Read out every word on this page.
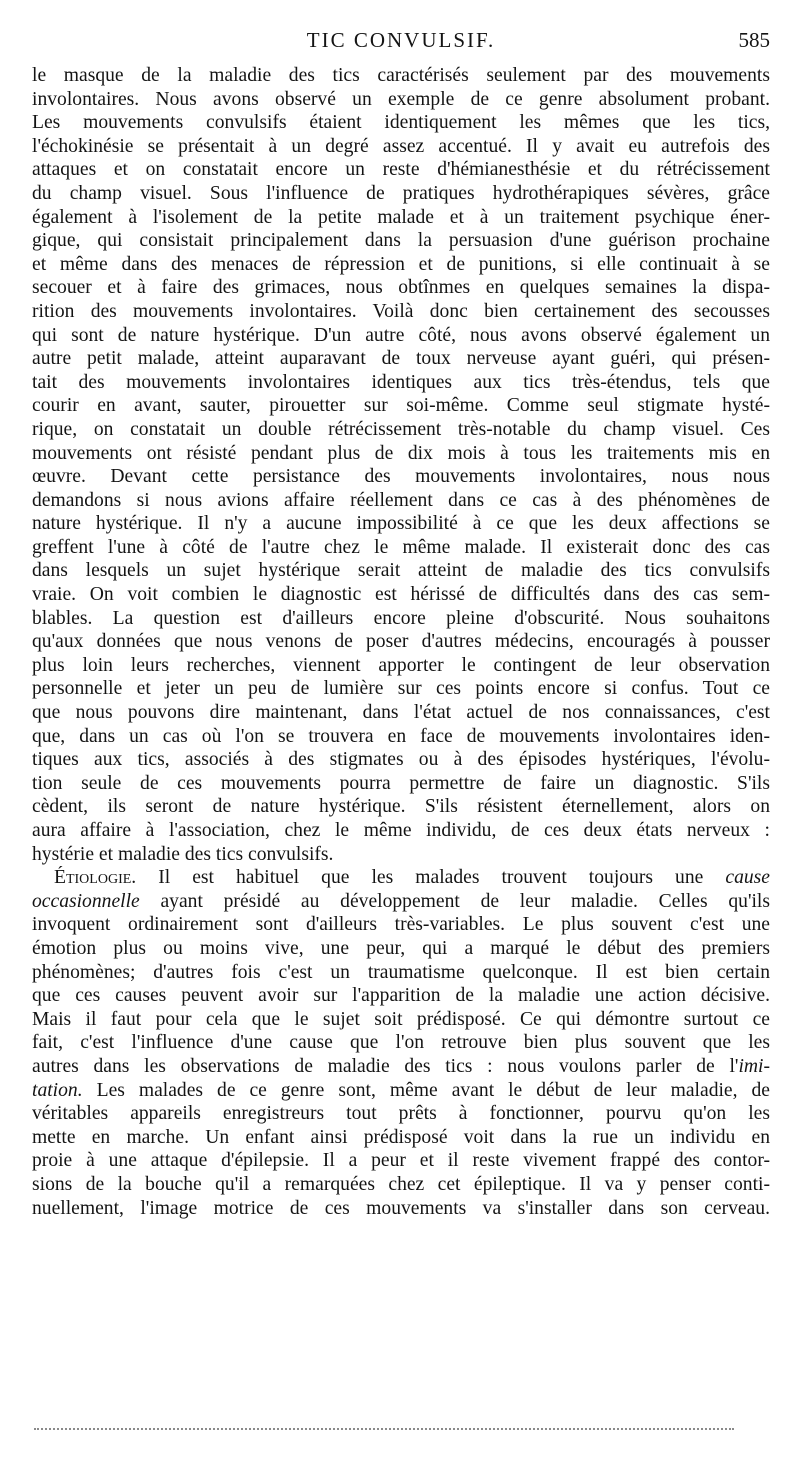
TIC CONVULSIF.	585
le masque de la maladie des tics caractérisés seulement par des mouvements
involontaires. Nous avons observé un exemple de ce genre absolument probant.
Les mouvements convulsifs étaient identiquement les mêmes que les tics,
l'échokinésie se présentait à un degré assez accentué. Il y avait eu autrefois des
attaques et on constatait encore un reste d'hémianesthésie et du rétrécissement
du champ visuel. Sous l'influence de pratiques hydrothérapiques sévères, grâce
également à l'isolement de la petite malade et à un traitement psychique éner-
gique, qui consistait principalement dans la persuasion d'une guérison prochaine
et même dans des menaces de répression et de punitions, si elle continuait à se
secouer et à faire des grimaces, nous obtînmes en quelques semaines la dispa-
rition des mouvements involontaires. Voilà donc bien certainement des secousses
qui sont de nature hystérique. D'un autre côté, nous avons observé également un
autre petit malade, atteint auparavant de toux nerveuse ayant guéri, qui présen-
tait des mouvements involontaires identiques aux tics très-étendus, tels que
courir en avant, sauter, pirouetter sur soi-même. Comme seul stigmate hysté-
rique, on constatait un double rétrécissement très-notable du champ visuel. Ces
mouvements ont résisté pendant plus de dix mois à tous les traitements mis en
œuvre. Devant cette persistance des mouvements involontaires, nous nous
demandons si nous avions affaire réellement dans ce cas à des phénomènes de
nature hystérique. Il n'y a aucune impossibilité à ce que les deux affections se
greffent l'une à côté de l'autre chez le même malade. Il existerait donc des cas
dans lesquels un sujet hystérique serait atteint de maladie des tics convulsifs
vraie. On voit combien le diagnostic est hérissé de difficultés dans des cas sem-
blables. La question est d'ailleurs encore pleine d'obscurité. Nous souhaitons
qu'aux données que nous venons de poser d'autres médecins, encouragés à pousser
plus loin leurs recherches, viennent apporter le contingent de leur observation
personnelle et jeter un peu de lumière sur ces points encore si confus. Tout ce
que nous pouvons dire maintenant, dans l'état actuel de nos connaissances, c'est
que, dans un cas où l'on se trouvera en face de mouvements involontaires iden-
tiques aux tics, associés à des stigmates ou à des épisodes hystériques, l'évolu-
tion seule de ces mouvements pourra permettre de faire un diagnostic. S'ils
cèdent, ils seront de nature hystérique. S'ils résistent éternellement, alors on
aura affaire à l'association, chez le même individu, de ces deux états nerveux :
hystérie et maladie des tics convulsifs.
Étiologie. Il est habituel que les malades trouvent toujours une cause
occasionnelle ayant présidé au développement de leur maladie. Celles qu'ils
invoquent ordinairement sont d'ailleurs très-variables. Le plus souvent c'est une
émotion plus ou moins vive, une peur, qui a marqué le début des premiers
phénomènes; d'autres fois c'est un traumatisme quelconque. Il est bien certain
que ces causes peuvent avoir sur l'apparition de la maladie une action décisive.
Mais il faut pour cela que le sujet soit prédisposé. Ce qui démontre surtout ce
fait, c'est l'influence d'une cause que l'on retrouve bien plus souvent que les
autres dans les observations de maladie des tics : nous voulons parler de l'imi-
tation. Les malades de ce genre sont, même avant le début de leur maladie, de
véritables appareils enregistreurs tout prêts à fonctionner, pourvu qu'on les
mette en marche. Un enfant ainsi prédisposé voit dans la rue un individu en
proie à une attaque d'épilepsie. Il a peur et il reste vivement frappé des contor-
sions de la bouche qu'il a remarquées chez cet épileptique. Il va y penser conti-
nuellement, l'image motrice de ces mouvements va s'installer dans son cerveau.
